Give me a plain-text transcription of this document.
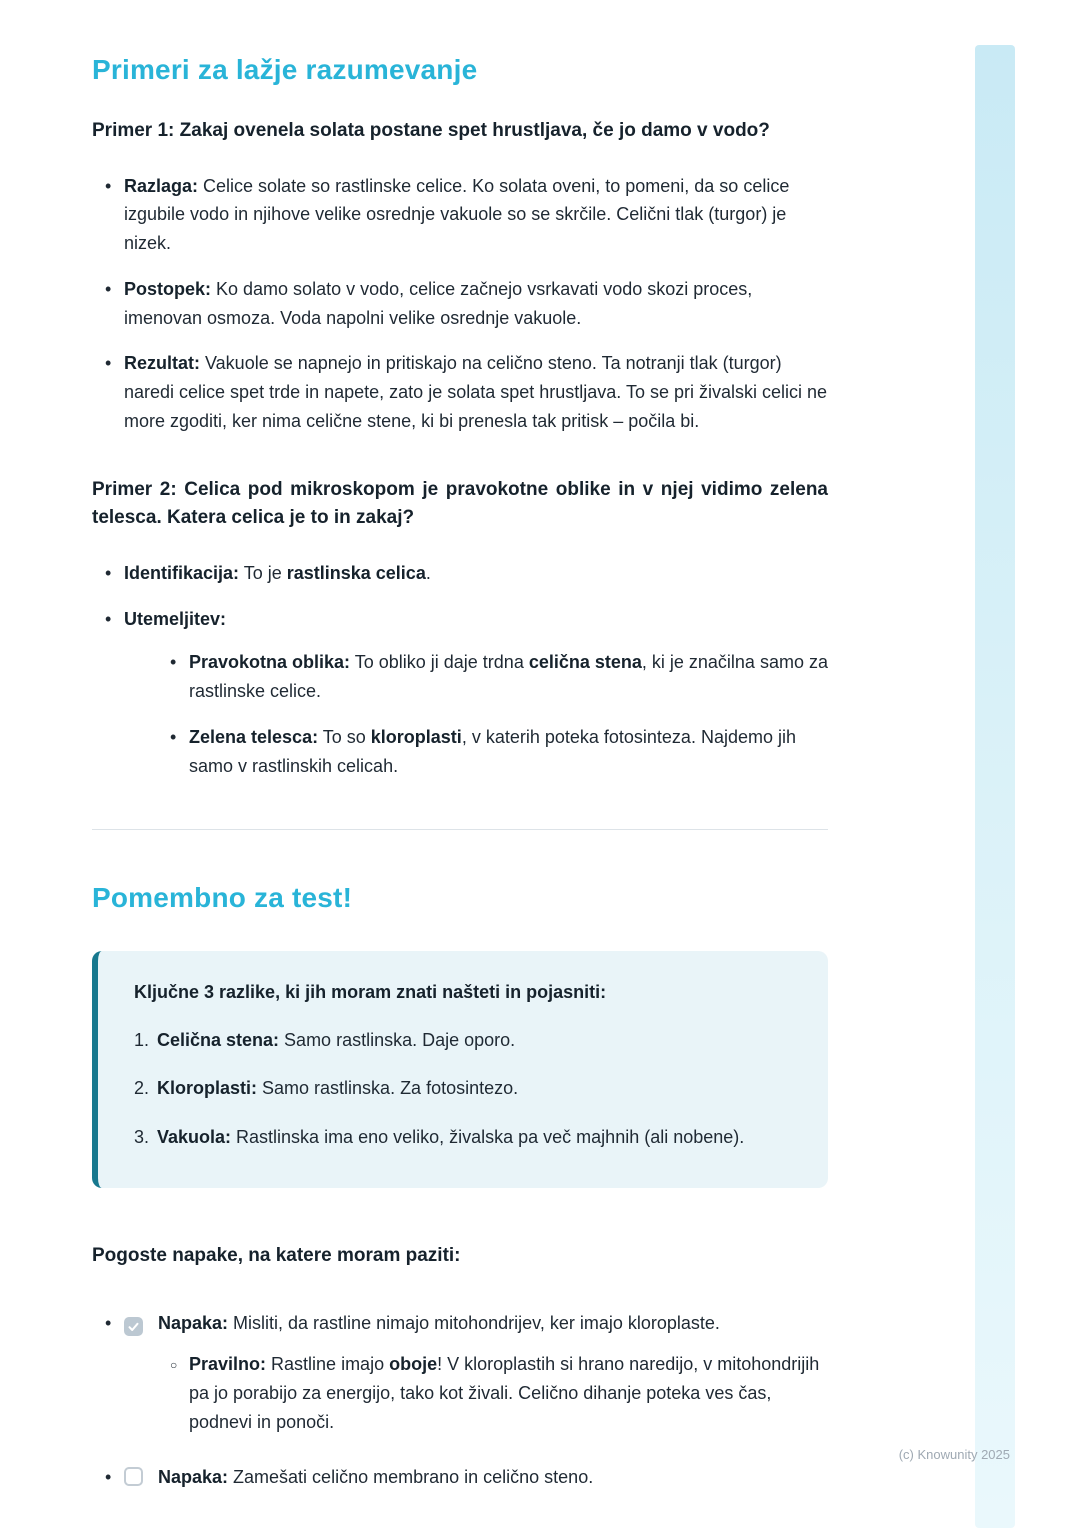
Primeri za lažje razumevanje
Primer 1: Zakaj ovenela solata postane spet hrustljava, če jo damo v vodo?
• Razlaga: Celice solate so rastlinske celice. Ko solata oveni, to pomeni, da so celice izgubile vodo in njihove velike osrednje vakuole so se skrčile. Celični tlak (turgor) je nizek.
• Postopek: Ko damo solato v vodo, celice začnejo vsrkavati vodo skozi proces, imenovan osmoza. Voda napolni velike osrednje vakuole.
• Rezultat: Vakuole se napnejo in pritiskajo na celično steno. Ta notranji tlak (turgor) naredi celice spet trde in napete, zato je solata spet hrustljava. To se pri živalski celici ne more zgoditi, ker nima celične stene, ki bi prenesla tak pritisk – počila bi.
Primer 2: Celica pod mikroskopom je pravokotne oblike in v njej vidimo zelena telesca. Katera celica je to in zakaj?
• Identifikacija: To je rastlinska celica.
• Utemeljitev:
• Pravokotna oblika: To obliko ji daje trdna celična stena, ki je značilna samo za rastlinske celice.
• Zelena telesca: To so kloroplasti, v katerih poteka fotosinteza. Najdemo jih samo v rastlinskih celicah.
Pomembno za test!
Ključne 3 razlike, ki jih moram znati našteti in pojasniti:
1. Celična stena: Samo rastlinska. Daje oporo.
2. Kloroplasti: Samo rastlinska. Za fotosintezo.
3. Vakuola: Rastlinska ima eno veliko, živalska pa več majhnih (ali nobene).
Pogoste napake, na katere moram paziti:
•	Napaka: Misliti, da rastline nimajo mitohondrijev, ker imajo kloroplaste.
○ Pravilno: Rastline imajo oboje! V kloroplastih si hrano naredijo, v mitohondrijih pa jo porabijo za energijo, tako kot živali. Celično dihanje poteka ves čas, podnevi in ponoči.
•	Napaka: Zamešati celično membrano in celično steno.
(c) Knowunity 2025
